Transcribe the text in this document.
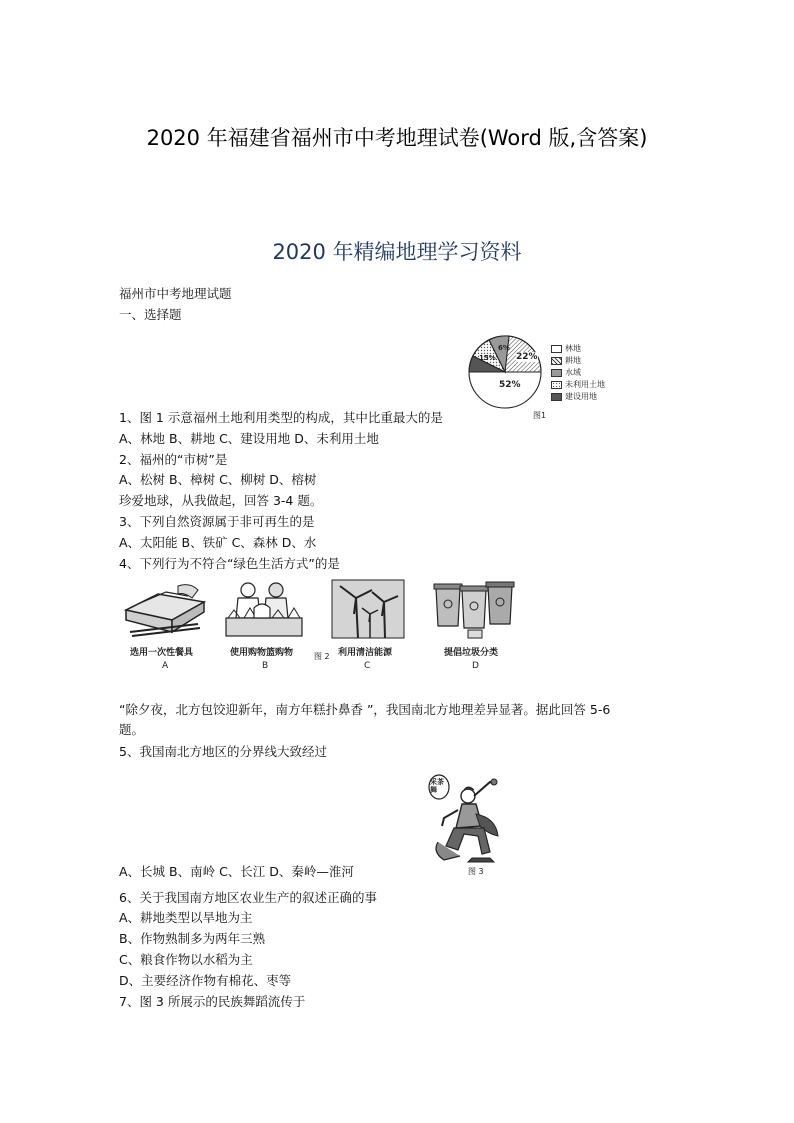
2020 年福建省福州市中考地理试卷(Word 版,含答案)
2020 年精编地理学习资料
福州市中考地理试题
一、选择题
1、图 1 示意福州土地利用类型的构成，其中比重最大的是
A、林地 B、耕地 C、建设用地 D、未利用土地
2、福州的“市树”是
A、松树 B、樟树 C、柳树 D、榕树
珍爱地球，从我做起，回答 3-4 题。
3、下列自然资源属于非可再生的是
A、太阳能 B、铁矿 C、森林 D、水
4、下列行为不符合“绿色生活方式”的是
“除夕夜，北方包饺迎新年，南方年糕扑鼻香 ”，我国南北方地理差异显著。据此回答 5-6
题。
5、我国南北方地区的分界线大致经过
A、长城 B、南岭 C、长江 D、秦岭—淮河
6、关于我国南方地区农业生产的叙述正确的事
A、耕地类型以旱地为主
B、作物熟制多为两年三熟
C、粮食作物以水稻为主
D、主要经济作物有棉花、枣等
7、图 3 所展示的民族舞蹈流传于
52%
22%
15%
6%	林地
耕地
水域
未利用土地
建设用地
图1
选用一次性餐具
A
使用购物篮购物
B
图 2 利用清洁能源
C
提倡垃圾分类
D
采茶舞
图 3
